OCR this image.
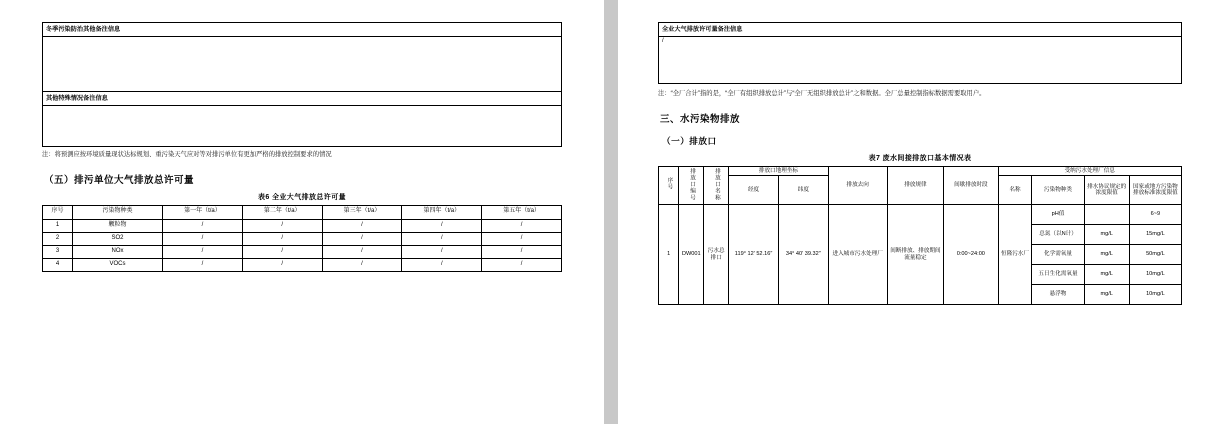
冬季污染防治其他备注信息

其他特殊情况备注信息

注：将预测应按环境质量现状达标规划、重污染天气应对等对排污单位有更加严格的排放控制要求的情况

（五）排污单位大气排放总许可量
表6 全业大气排放总许可量
序号	污染物种类	第一年（t/a）	第二年（t/a）	第三年（t/a）	第四年（t/a）	第五年（t/a）
1	颗粒物	/	/	/	/	/
2	SO2	/	/	/	/	/
3	NOx	/	/	/	/	/
4	VOCs	/	/	/	/	/
全业大气排放许可量备注信息
/

注：“全厂合计”指的是，“全厂有组织排放总计”与“全厂无组织排放总计”之和数据。全厂总量控制指标数据需要取用户。

三、水污染物排放
（一）排放口
表7 废水间接排放口基本情况表
序号	排放口编号	排放口名称	排放口地理坐标		排放去向	排放规律	间歇排放时段	受纳污水处理厂信息			
			经度	纬度				名称	污染物种类	排水协议规定的浓度限值	国家或地方污染物排放标准浓度限值

1	DW001	污水总排口	119° 12′ 52.16″	34° 40′ 39.32″	进入城市污水处理厂	间断排放、排放期间流量稳定	0:00~24:00	恒隆污水厂	pH值		6~9
									总氮（以N计）	mg/L	15mg/L
									化学需氧量	mg/L	50mg/L
									五日生化需氧量	mg/L	10mg/L
									悬浮物	mg/L	10mg/L
